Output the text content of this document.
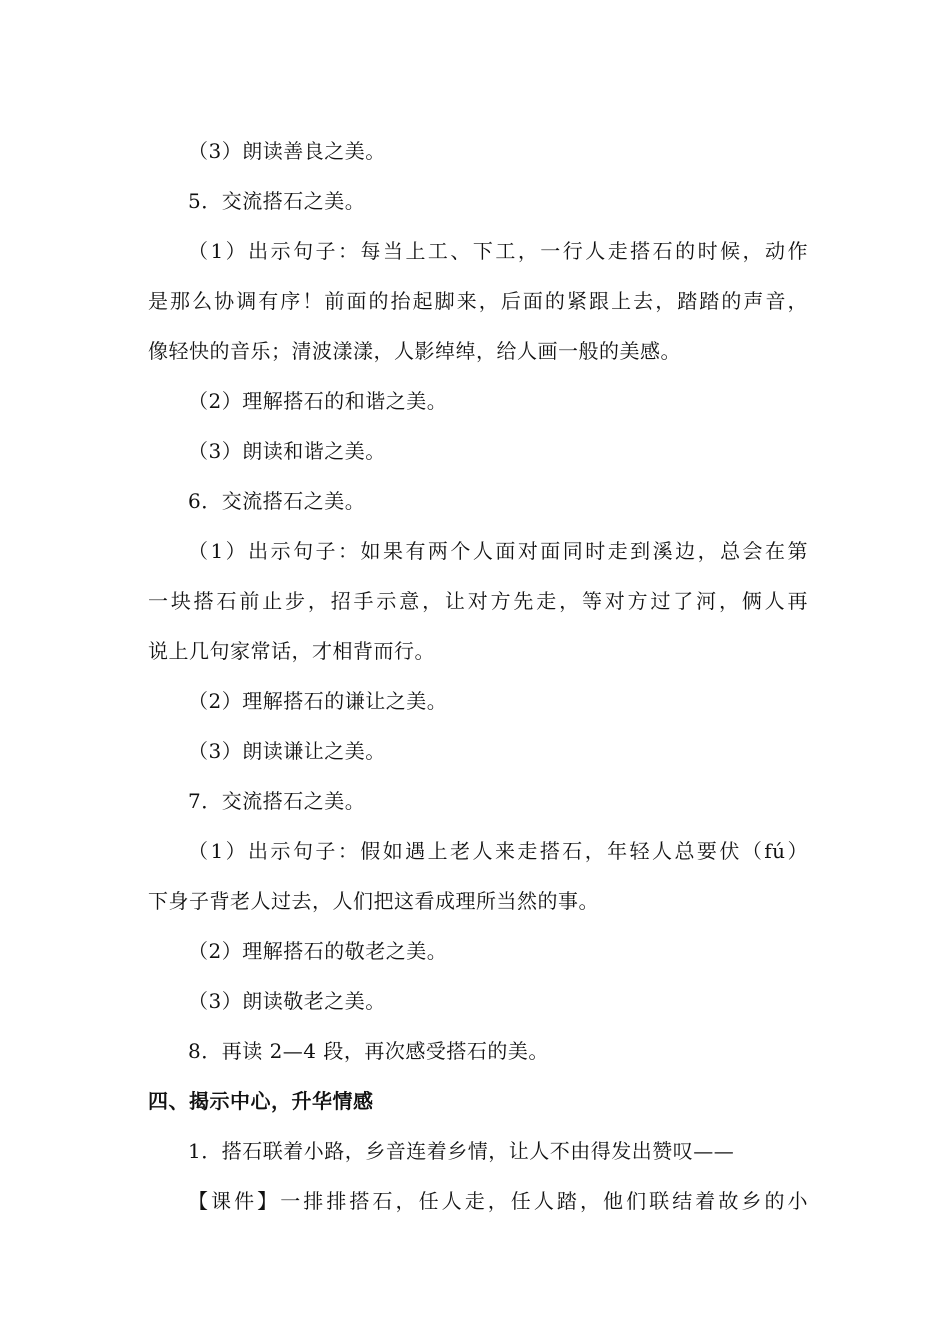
（3）朗读善良之美。
5．交流搭石之美。
（1）出示句子：每当上工、下工，一行人走搭石的时候，动作
是那么协调有序！前面的抬起脚来，后面的紧跟上去，踏踏的声音，
像轻快的音乐；清波漾漾，人影绰绰，给人画一般的美感。
（2）理解搭石的和谐之美。
（3）朗读和谐之美。
6．交流搭石之美。
（1）出示句子：如果有两个人面对面同时走到溪边，总会在第
一块搭石前止步，招手示意，让对方先走，等对方过了河，俩人再
说上几句家常话，才相背而行。
（2）理解搭石的谦让之美。
（3）朗读谦让之美。
7．交流搭石之美。
（1）出示句子：假如遇上老人来走搭石，年轻人总要伏（fú）
下身子背老人过去，人们把这看成理所当然的事。
（2）理解搭石的敬老之美。
（3）朗读敬老之美。
8．再读 2—4 段，再次感受搭石的美。
四、揭示中心，升华情感
1．搭石联着小路，乡音连着乡情，让人不由得发出赞叹——
【课件】一排排搭石，任人走，任人踏，他们联结着故乡的小
